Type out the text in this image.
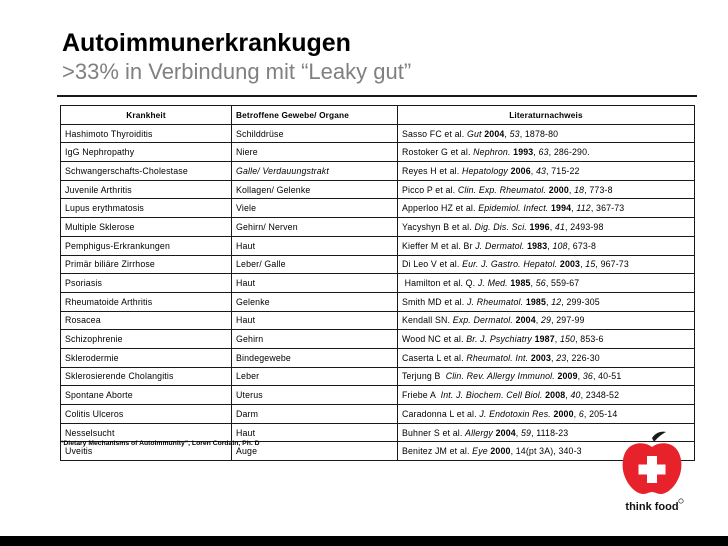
Autoimmunerkrankugen
>33% in Verbindung mit “Leaky gut”
Krankheit	Betroffene Gewebe/ Organe	Literaturnachweis
Hashimoto Thyroiditis	Schilddrüse	Sasso FC et al. Gut 2004, 53, 1878-80
IgG Nephropathy	Niere	Rostoker G et al. Nephron. 1993, 63, 286-290.
Schwangerschafts-Cholestase	Galle/ Verdauungstrakt	Reyes H et al. Hepatology 2006, 43, 715-22
Juvenile Arthritis	Kollagen/ Gelenke	Picco P et al. Clin. Exp. Rheumatol. 2000, 18, 773-8
Lupus erythmatosis	Viele	Apperloo HZ et al. Epidemiol. Infect. 1994, 112, 367-73
Multiple Sklerose	Gehirn/ Nerven	Yacyshyn B et al. Dig. Dis. Sci. 1996, 41, 2493-98
Pemphigus-Erkrankungen	Haut	Kieffer M et al. Br J. Dermatol. 1983, 108, 673-8
Primär biliäre Zirrhose	Leber/ Galle	Di Leo V et al. Eur. J. Gastro. Hepatol. 2003, 15, 967-73
Psoriasis	Haut	Hamilton et al. Q. J. Med. 1985, 56, 559-67
Rheumatoide Arthritis	Gelenke	Smith MD et al. J. Rheumatol. 1985, 12, 299-305
Rosacea	Haut	Kendall SN. Exp. Dermatol. 2004, 29, 297-99
Schizophrenie	Gehirn	Wood NC et al. Br. J. Psychiatry 1987, 150, 853-6
Sklerodermie	Bindegewebe	Caserta L et al. Rheumatol. Int. 2003, 23, 226-30
Sklerosierende Cholangitis	Leber	Terjung B  Clin. Rev. Allergy Immunol. 2009, 36, 40-51
Spontane Aborte	Uterus	Friebe A  Int. J. Biochem. Cell Biol. 2008, 40, 2348-52
Colitis Ulceros	Darm	Caradonna L et al. J. Endotoxin Res. 2000, 6, 205-14
Nesselsucht	Haut	Buhner S et al. Allergy 2004, 59, 1118-23
Uveitis	Auge	Benitez JM et al. Eye 2000, 14(pt 3A), 340-3
“Dietary Mechanisms of Autoimmunity”, Loren Cordain, Ph. D
think food
